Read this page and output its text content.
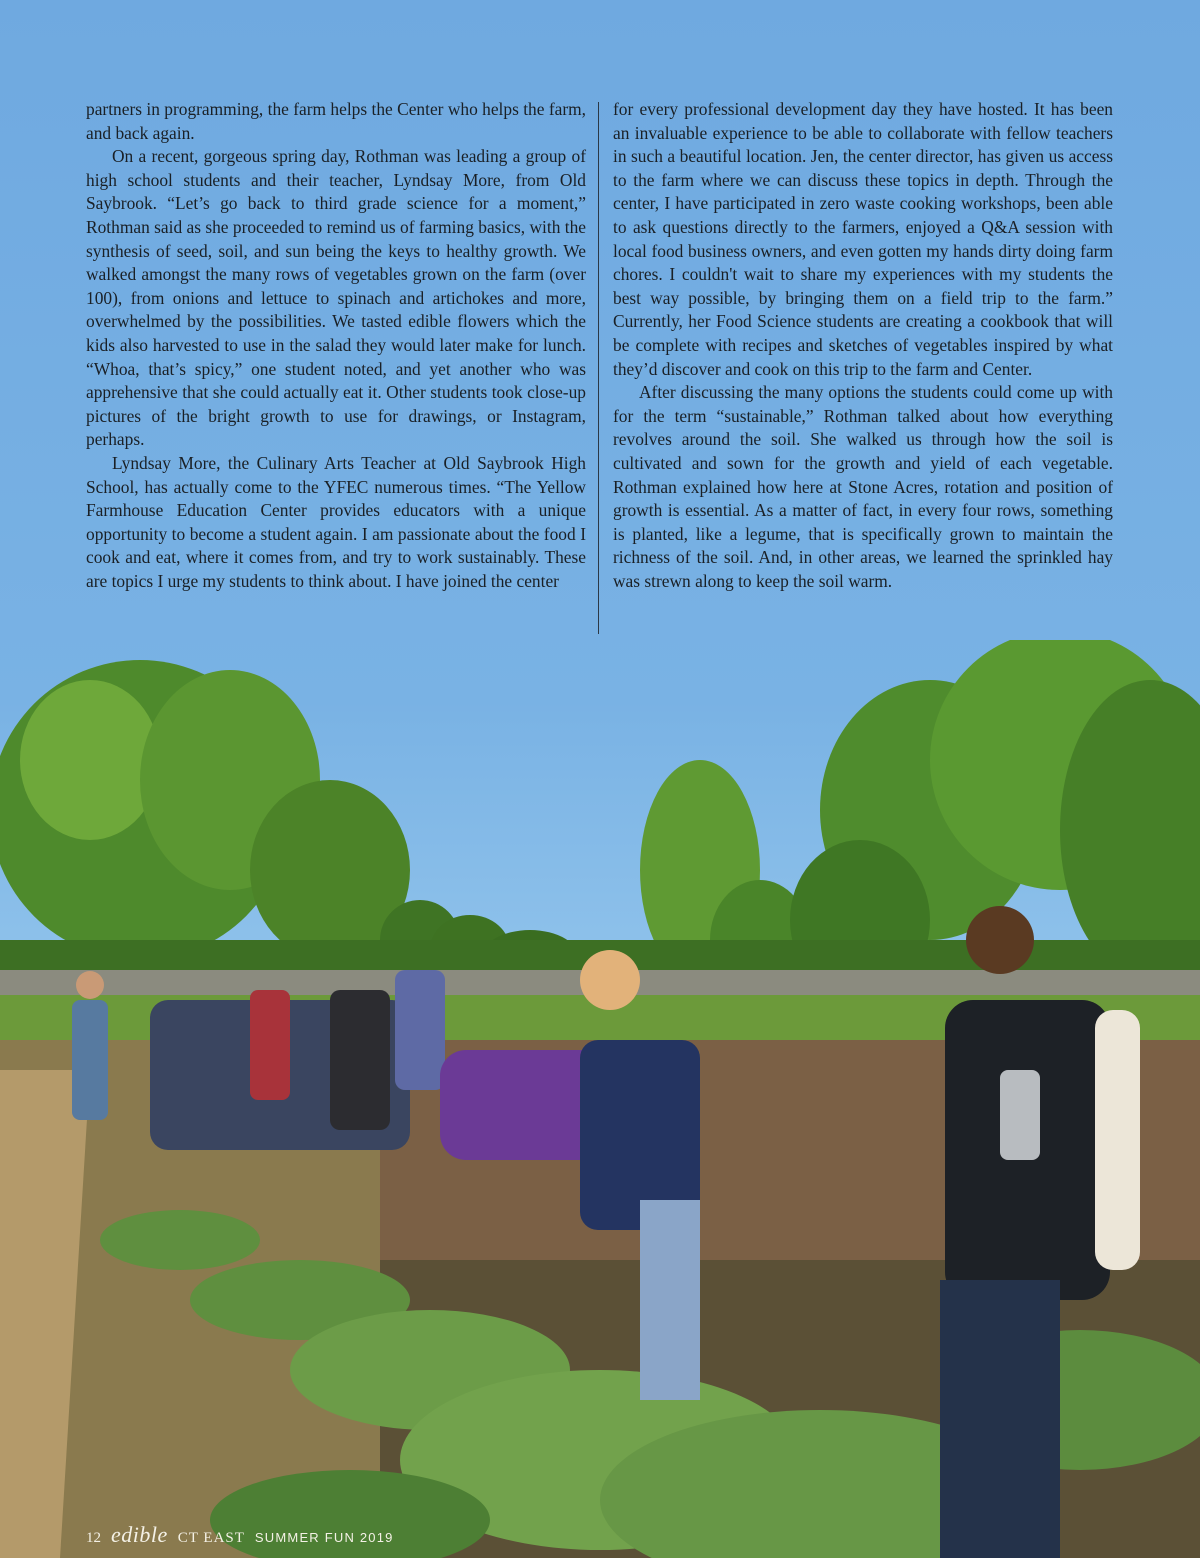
partners in programming, the farm helps the Center who helps the farm, and back again.

On a recent, gorgeous spring day, Rothman was leading a group of high school students and their teacher, Lyndsay More, from Old Saybrook. “Let’s go back to third grade science for a moment,” Rothman said as she proceeded to remind us of farming basics, with the synthesis of seed, soil, and sun being the keys to healthy growth. We walked amongst the many rows of vegetables grown on the farm (over 100), from onions and lettuce to spinach and artichokes and more, overwhelmed by the possibilities. We tasted edible flowers which the kids also harvested to use in the salad they would later make for lunch. “Whoa, that’s spicy,” one student noted, and yet another who was apprehensive that she could actually eat it. Other students took close-up pictures of the bright growth to use for drawings, or Instagram, perhaps.

Lyndsay More, the Culinary Arts Teacher at Old Saybrook High School, has actually come to the YFEC numerous times. “The Yellow Farmhouse Education Center provides educators with a unique opportunity to become a student again. I am passionate about the food I cook and eat, where it comes from, and try to work sustainably. These are topics I urge my students to think about. I have joined the center

for every professional development day they have hosted. It has been an invaluable experience to be able to collaborate with fellow teachers in such a beautiful location. Jen, the center director, has given us access to the farm where we can discuss these topics in depth. Through the center, I have participated in zero waste cooking workshops, been able to ask questions directly to the farmers, enjoyed a Q&A session with local food business owners, and even gotten my hands dirty doing farm chores. I couldn't wait to share my experiences with my students the best way possible, by bringing them on a field trip to the farm.” Currently, her Food Science students are creating a cookbook that will be complete with recipes and sketches of vegetables inspired by what they’d discover and cook on this trip to the farm and Center.

After discussing the many options the students could come up with for the term “sustainable,” Rothman talked about how everything revolves around the soil. She walked us through how the soil is cultivated and sown for the growth and yield of each vegetable. Rothman explained how here at Stone Acres, rotation and position of growth is essential. As a matter of fact, in every four rows, something is planted, like a legume, that is specifically grown to maintain the richness of the soil. And, in other areas, we learned the sprinkled hay was strewn along to keep the soil warm.

12 edible CT EAST SUMMER FUN 2019
